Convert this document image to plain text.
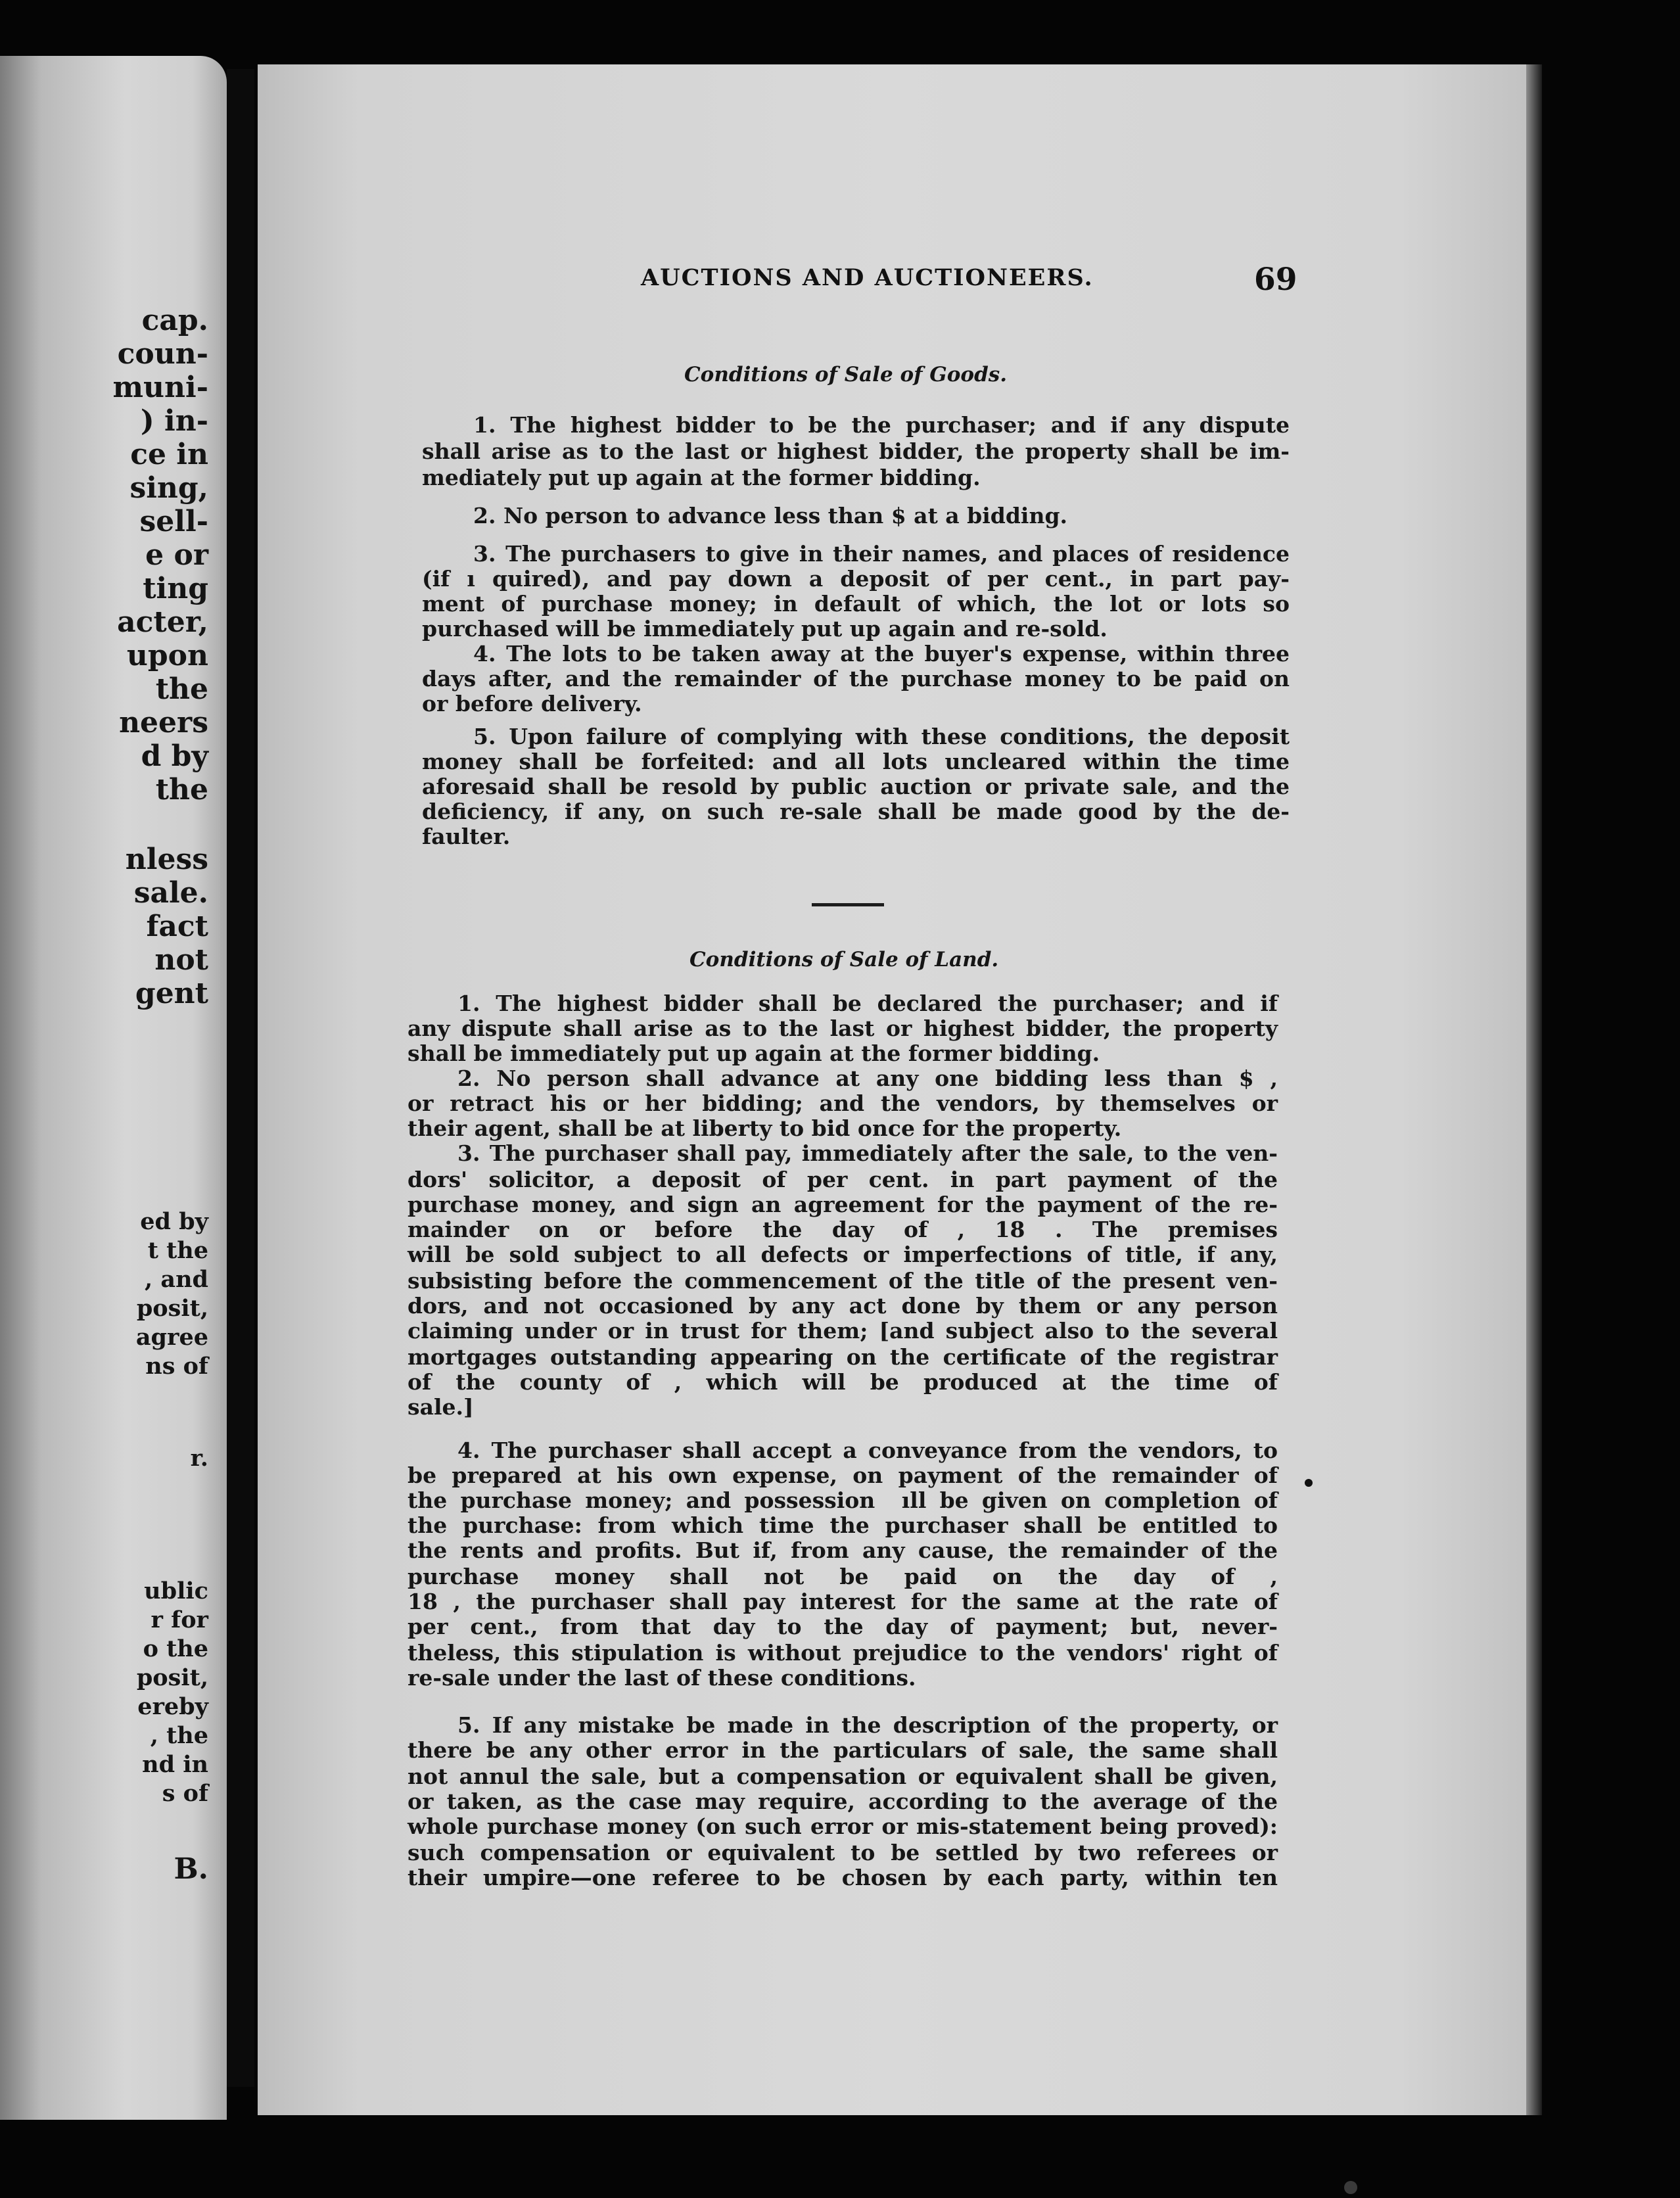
cap.

coun-

muni-

) in-

ce in

sing,

sell-

e or

ting

acter,

upon

the

neers

d by

the

nless

sale.

fact

not

gent

ed by

t the

, and

posit,

agree

ns of

r.

ublic

r for

o the

posit,

ereby

, the

nd in

s of

B.

AUCTIONS AND AUCTIONEERS.	69

Conditions of Sale of Goods.

1. The highest bidder to be the purchaser; and if any dispute

shall arise as to the last or highest bidder, the property shall be im-

mediately put up again at the former bidding.

2. No person to advance less than $ at a bidding.

3. The purchasers to give in their names, and places of residence

(if ı quired), and pay down a deposit of per cent., in part pay-

ment of purchase money; in default of which, the lot or lots so

purchased will be immediately put up again and re-sold.

4. The lots to be taken away at the buyer's expense, within three

days after, and the remainder of the purchase money to be paid on

or before delivery.

5. Upon failure of complying with these conditions, the deposit

money shall be forfeited: and all lots uncleared within the time

aforesaid shall be resold by public auction or private sale, and the

deficiency, if any, on such re-sale shall be made good by the de-

faulter.

Conditions of Sale of Land.

1. The highest bidder shall be declared the purchaser; and if

any dispute shall arise as to the last or highest bidder, the property

shall be immediately put up again at the former bidding.

2. No person shall advance at any one bidding less than $ ,

or retract his or her bidding; and the vendors, by themselves or

their agent, shall be at liberty to bid once for the property.

3. The purchaser shall pay, immediately after the sale, to the ven-

dors' solicitor, a deposit of per cent. in part payment of the

purchase money, and sign an agreement for the payment of the re-

mainder on or before the day of , 18 . The premises

will be sold subject to all defects or imperfections of title, if any,

subsisting before the commencement of the title of the present ven-

dors, and not occasioned by any act done by them or any person

claiming under or in trust for them; [and subject also to the several

mortgages outstanding appearing on the certificate of the registrar

of the county of , which will be produced at the time of

sale.]

4. The purchaser shall accept a conveyance from the vendors, to

be prepared at his own expense, on payment of the remainder of

the purchase money; and possession ⁠ ıll be given on completion of

the purchase: from which time the purchaser shall be entitled to

the rents and profits. But if, from any cause, the remainder of the

purchase money shall not be paid on the day of ,

18 , the purchaser shall pay interest for the same at the rate of

per cent., from that day to the day of payment; but, never-

theless, this stipulation is without prejudice to the vendors' right of

re-sale under the last of these conditions.

5. If any mistake be made in the description of the property, or

there be any other error in the particulars of sale, the same shall

not annul the sale, but a compensation or equivalent shall be given,

or taken, as the case may require, according to the average of the

whole purchase money (on such error or mis-statement being proved):

such compensation or equivalent to be settled by two referees or

their umpire—one referee to be chosen by each party, within ten
